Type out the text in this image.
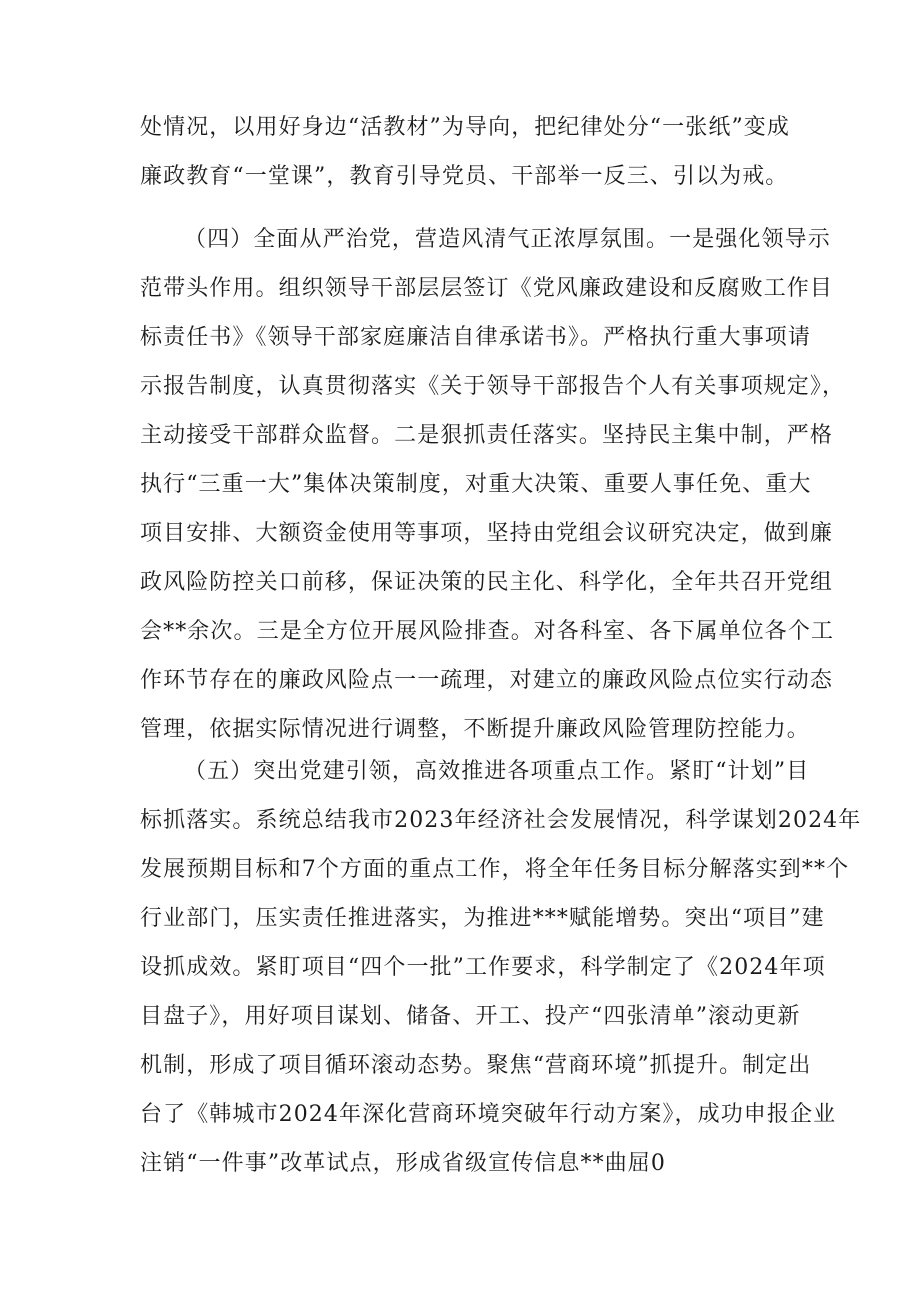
处情况，以用好身边“活教材”为导向，把纪律处分“一张纸”变成
廉政教育“一堂课”，教育引导党员、干部举一反三、引以为戒。
（四）全面从严治党，营造风清气正浓厚氛围。一是强化领导示
范带头作用。组织领导干部层层签订《党风廉政建设和反腐败工作目
标责任书》《领导干部家庭廉洁自律承诺书》。严格执行重大事项请
示报告制度，认真贯彻落实《关于领导干部报告个人有关事项规定》，
主动接受干部群众监督。二是狠抓责任落实。坚持民主集中制，严格
执行“三重一大”集体决策制度，对重大决策、重要人事任免、重大
项目安排、大额资金使用等事项，坚持由党组会议研究决定，做到廉
政风险防控关口前移，保证决策的民主化、科学化，全年共召开党组
会**余次。三是全方位开展风险排查。对各科室、各下属单位各个工
作环节存在的廉政风险点一一疏理，对建立的廉政风险点位实行动态
管理，依据实际情况进行调整，不断提升廉政风险管理防控能力。
（五）突出党建引领，高效推进各项重点工作。紧盯“计划”目
标抓落实。系统总结我市2023年经济社会发展情况，科学谋划2024年
发展预期目标和7个方面的重点工作，将全年任务目标分解落实到**个
行业部门，压实责任推进落实，为推进***赋能增势。突出“项目”建
设抓成效。紧盯项目“四个一批”工作要求，科学制定了《2024年项
目盘子》，用好项目谋划、储备、开工、投产“四张清单”滚动更新
机制，形成了项目循环滚动态势。聚焦“营商环境”抓提升。制定出
台了《韩城市2024年深化营商环境突破年行动方案》，成功申报企业
注销“一件事”改革试点，形成省级宣传信息**曲屈0
